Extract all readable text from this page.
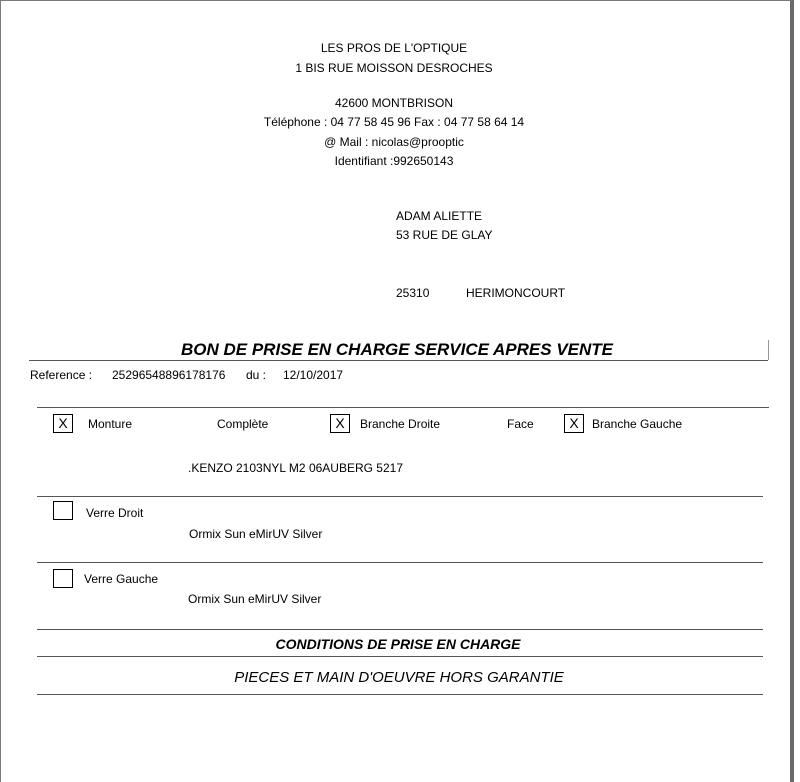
LES PROS DE L'OPTIQUE
1 BIS RUE MOISSON DESROCHES
42600 MONTBRISON
Téléphone : 04 77 58 45 96 Fax : 04 77 58 64 14
@ Mail : nicolas@prooptic
Identifiant :992650143
ADAM ALIETTE
53 RUE DE GLAY
25310	HERIMONCOURT
BON DE PRISE EN CHARGE SERVICE APRES VENTE
Reference : 25296548896178176 du : 12/10/2017
X	Monture	Complète	X	Branche Droite	Face	X	Branche Gauche
.KENZO 2103NYL M2 06AUBERG 5217
Verre Droit
Ormix Sun eMirUV Silver
Verre Gauche
Ormix Sun eMirUV Silver
CONDITIONS DE PRISE EN CHARGE
PIECES ET MAIN D'OEUVRE HORS GARANTIE
